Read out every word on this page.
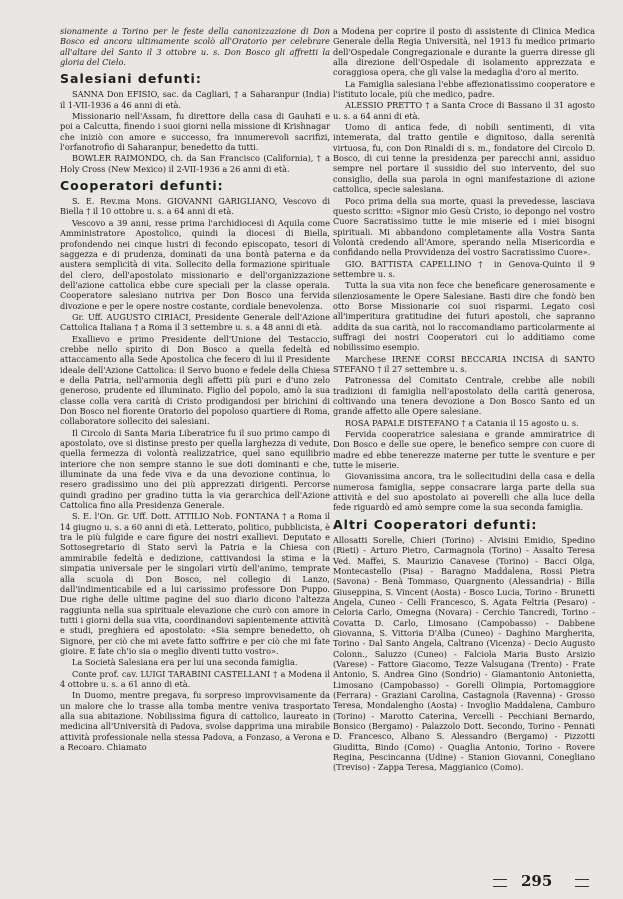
sionamente a Torino per le feste della canonizzazione di Don Bosco ed ancora ultimamente scolò all'Oratorio per celebrare all'altare del Santo il 3 ottobre u. s. Don Bosco gli affretti la gloria del Cielo.

Salesiani defunti:

SANNA Don EFISIO, sac. da Cagliari, † a Saharanpur (India) il 1-VII-1936 a 46 anni di età.

Missionario nell'Assam, fu direttore della casa di Gauhati e poi a Calcutta, finendo i suoi giorni nella missione di Krishnagar che iniziò con amore e successo, fra innumerevoli sacrifizi, l'orfanotrofio di Saharanpur, benedetto da tutti.

BOWLER RAIMONDO, ch. da San Francisco (California), † a Holy Cross (New Mexico) il 2-VII-1936 a 26 anni di età.

Cooperatori defunti:

S. E. Rev.ma Mons. GIOVANNI GARIGLIANO, Vescovo di Biella † il 10 ottobre u. s. a 64 anni di età.

Vescovo a 39 anni, resse prima l'archidiocesi di Aquila come Amministratore Apostolico, quindi la diocesi di Biella, profondendo nei cinque lustri di fecondo episcopato, tesori di saggezza e di prudenza, dominati da una bontà paterna e da austera semplicità di vita. Sollecito della formazione spirituale del clero, dell'apostolato missionario e dell'organizzazione dell'azione cattolica ebbe cure speciali per la classe operaia. Cooperatore salesiano nutriva per Don Bosco una fervida divozione e per le opere nostre costante, cordiale benevolenza.

Gr. Uff. AUGUSTO CIRIACI, Presidente Generale dell'Azione Cattolica Italiana † a Roma il 3 settembre u. s. a 48 anni di età.

Exallievo e primo Presidente dell'Unione del Testaccio, crebbe nello spirito di Don Bosco a quella fedeltà ed attaccamento alla Sede Apostolica che fecero di lui il Presidente ideale dell'Azione Cattolica: il Servo buono e fedele della Chiesa e della Patria, nell'armonia degli affetti più puri e d'uno zelo generoso, prudente ed illuminato. Figlio del popolo, amò la sua classe colla vera carità di Cristo prodigandosi per birichini di Don Bosco nel fiorente Oratorio del popoloso quartiere di Roma, collaboratore sollecito dei salesiani.

Il Circolo di Santa Maria Liberatrice fu il suo primo campo di apostolato, ove si distinse presto per quella larghezza di vedute, quella fermezza di volontà realizzatrice, quel sano equilibrio interiore che non sempre stanno le sue doti dominanti e che, illuminate da una fede viva e da una devozione continua, lo resero gradissimo uno dei più apprezzati dirigenti. Percorse quindi gradino per gradino tutta la via gerarchica dell'Azione Cattolica fino alla Presidenza Generale.

S. E. l'On. Gr. Uff. Dott. ATTILIO Nob. FONTANA † a Roma il 14 giugno u. s. a 60 anni di età. Letterato, politico, pubblicista, è tra le più fulgide e care figure dei nostri exallievi. Deputato e Sottosegretario di Stato servì la Patria e la Chiesa con ammirabile fedeltà e dedizione, cattivandosi la stima e la simpatia universale per le singolari virtù dell'animo, temprate alla scuola di Don Bosco, nel collegio di Lanzo, dall'indimenticabile ed a lui carissimo professore Don Puppo. Due righe delle ultime pagine del suo diario dicono l'altezza raggiunta nella sua spirituale elevazione che curò con amore in tutti i giorni della sua vita, coordinandovi sapientemente attività e studi, preghiera ed apostolato: «Sia sempre benedetto, oh Signore, per ciò che mi avete fatto soffrire e per ciò che mi fate gioire. E fate ch'io sia o meglio diventi tutto vostro».

La Società Salesiana era per lui una seconda famiglia.

Conte prof. cav. LUIGI TARABINI CASTELLANI † a Modena il 4 ottobre u. s. a 61 anno di età.

In Duomo, mentre pregava, fu sorpreso improvvisamente da un malore che lo trasse alla tomba mentre veniva trasportato alla sua abitazione. Nobilissima figura di cattolico, laureato in medicina all'Università di Padova, svolse dapprima una mirabile attività professionale nella stessa Padova, a Fonzaso, a Verona e a Recoaro. Chiamato

a Modena per coprire il posto di assistente di Clinica Medica Generale della Regia Università, nel 1913 fu medico primario dell'Ospedale Congregazionale e durante la guerra diresse gli alla direzione dell'Ospedale di isolamento apprezzata e coraggiosa opera, che gli valse la medaglia d'oro al merito.

La Famiglia salesiana l'ebbe affezionatissimo cooperatore e l'istituto locale, più che medico, padre.

ALESSIO PRETTO † a Santa Croce di Bassano il 31 agosto u. s. a 64 anni di età.

Uomo di antica fede, di nobili sentimenti, di vita intemerata, dal tratto gentile e dignitoso, dalla serenità virtuosa, fu, con Don Rinaldi di s. m., fondatore del Circolo D. Bosco, di cui tenne la presidenza per parecchi anni, assiduo sempre nel portare il sussidio del suo intervento, del suo consiglio, della sua parola in ogni manifestazione di azione cattolica, specie salesiana.

Poco prima della sua morte, quasi la prevedesse, lasciava questo scritto: «Signor mio Gesù Cristo, io depongo nel vostro Cuore Sacratissimo tutte le mie miserie ed i miei bisogni spirituali. Mi abbandono completamente alla Vostra Santa Volontà credendo all'Amore, sperando nella Misericordia e confidando nella Provvidenza del vostro Sacratissimo Cuore».

GIO. BATTISTA CAPELLINO † in Genova-Quinto il 9 settembre u. s.

Tutta la sua vita non fece che beneficare generosamente e silenziosamente le Opere Salesiane. Basti dire che fondò ben otto Borse Missionarie coi suoi risparmi. Legato così all'imperitura gratitudine dei futuri apostoli, che sapranno addita da sua carità, noi lo raccomandiamo particolarmente ai suffragi dei nostri Cooperatori cui lo additiamo come nobilissimo esempio.

Marchese IRENE CORSI BECCARIA INCISA di SANTO STEFANO † il 27 settembre u. s.

Patronessa del Comitato Centrale, crebbe alle nobili tradizioni di famiglia nell'apostolato della carità generosa, coltivando una tenera devozione a Don Bosco Santo ed un grande affetto alle Opere salesiane.

ROSA PAPALE DISTEFANO † a Catania il 15 agosto u. s.

Fervida cooperatrice salesiana e grande ammiratrice di Don Bosco e delle sue opere, le benefico sempre con cuore di madre ed ebbe tenerezze materne per tutte le sventure e per tutte le miserie.

Giovanissima ancora, tra le sollecitudini della casa e della numerosa famiglia, seppe consacrare larga parte della sua attività e del suo apostolato ai poverelli che alla luce della fede riguardò ed amò sempre come la sua seconda famiglia.

Altri Cooperatori defunti:

Allosatti Sorelle, Chieri (Torino) - Alvisini Emidio, Spedino (Rieti) - Arturo Pietro, Carmagnola (Torino) - Assalto Teresa Ved. Maffei, S. Maurizio Canavese (Torino) - Bacci Olga, Montecastello (Pisa) - Baragno Maddalena, Rossi Pietra (Savona) - Benà Tommaso, Quargnento (Alessandria) - Billa Giuseppina, S. Vincent (Aosta) - Bosco Lucia, Torino - Brunetti Angela, Cuneo - Celli Francesco, S. Agata Feltria (Pesaro) - Celoria Carlo, Omegna (Novara) - Cerchio Tancredi, Torino - Covatta D. Carlo, Limosano (Campobasso) - Dabbene Giovanna, S. Vittoria D'Alba (Cuneo) - Daghino Margherita, Torino - Dal Santo Angela, Caltrano (Vicenza) - Decio Augusto Colonn., Saluzzo (Cuneo) - Falciola Maria Busto Arsizio (Varese) - Fattore Giacomo, Tezze Valsugana (Trento) - Frate Antonio, S. Andrea Gino (Sondrio) - Giamantonio Antonietta, Limosano (Campobasso) - Gorelli Olimpia, Portomaggiore (Ferrara) - Graziani Carolina, Castagnola (Ravenna) - Grosso Teresa, Mondalengho (Aosta) - Invoglio Maddalena, Camburo (Torino) - Marotto Caterina, Vercelli - Pecchiani Bernardo, Bonsico (Bergamo) - Palazzolo Dott. Secondo, Torino - Pennati D. Francesco, Albano S. Alessandro (Bergamo) - Pizzotti Giuditta, Bindo (Como) - Quaglia Antonio, Torino - Rovere Regina, Pescincanna (Udine) - Stanion Giovanni, Conegliano (Treviso) - Zappa Teresa, Maggianico (Como).

295
